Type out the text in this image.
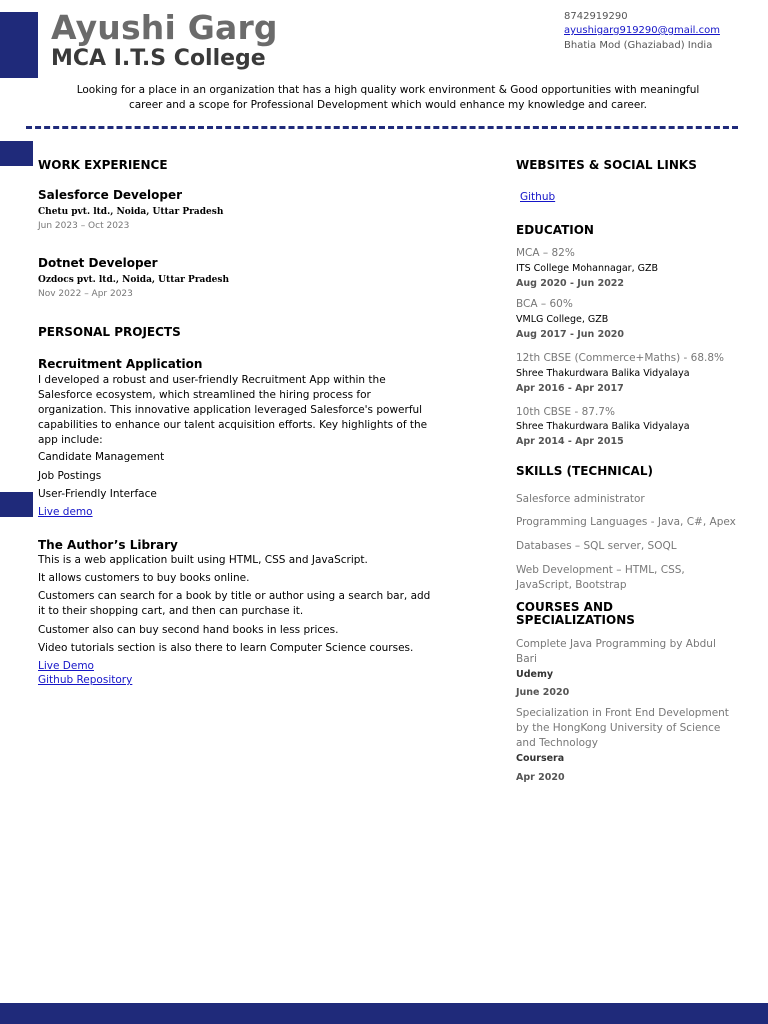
Ayushi Garg
MCA I.T.S College
8742919290
ayushigarg919290@gmail.com
Bhatia Mod (Ghaziabad) India
Looking for a place in an organization that has a high quality work environment & Good opportunities with meaningful career and a scope for Professional Development which would enhance my knowledge and career.
WORK EXPERIENCE
Salesforce Developer
Chetu pvt. ltd., Noida, Uttar Pradesh
Jun 2023 – Oct 2023
Dotnet Developer
Ozdocs pvt. ltd., Noida, Uttar Pradesh
Nov 2022 – Apr 2023
PERSONAL PROJECTS
Recruitment Application
I developed a robust and user-friendly Recruitment App within the Salesforce ecosystem, which streamlined the hiring process for organization. This innovative application leveraged Salesforce's powerful capabilities to enhance our talent acquisition efforts. Key highlights of the app include:
Candidate Management
Job Postings
User-Friendly Interface
Live demo
The Author’s Library
This is a web application built using HTML, CSS and JavaScript.
It allows customers to buy books online.
Customers can search for a book by title or author using a search bar, add it to their shopping cart, and then can purchase it.
Customer also can buy second hand books in less prices.
Video tutorials section is also there to learn Computer Science courses.
Live Demo
Github Repository
WEBSITES & SOCIAL LINKS
Github
EDUCATION
MCA – 82%
ITS College Mohannagar, GZB
Aug 2020 - Jun 2022
BCA – 60%
VMLG College, GZB
Aug 2017 - Jun 2020
12th CBSE (Commerce+Maths) - 68.8%
Shree Thakurdwara Balika Vidyalaya
Apr 2016 - Apr 2017
10th CBSE - 87.7%
Shree Thakurdwara Balika Vidyalaya
Apr 2014 - Apr 2015
SKILLS (TECHNICAL)
Salesforce administrator
Programming Languages - Java, C#, Apex
Databases – SQL server, SOQL
Web Development – HTML, CSS, JavaScript, Bootstrap
COURSES AND SPECIALIZATIONS
Complete Java Programming by Abdul Bari
Udemy
June 2020
Specialization in Front End Development by the HongKong University of Science and Technology
Coursera
Apr 2020
